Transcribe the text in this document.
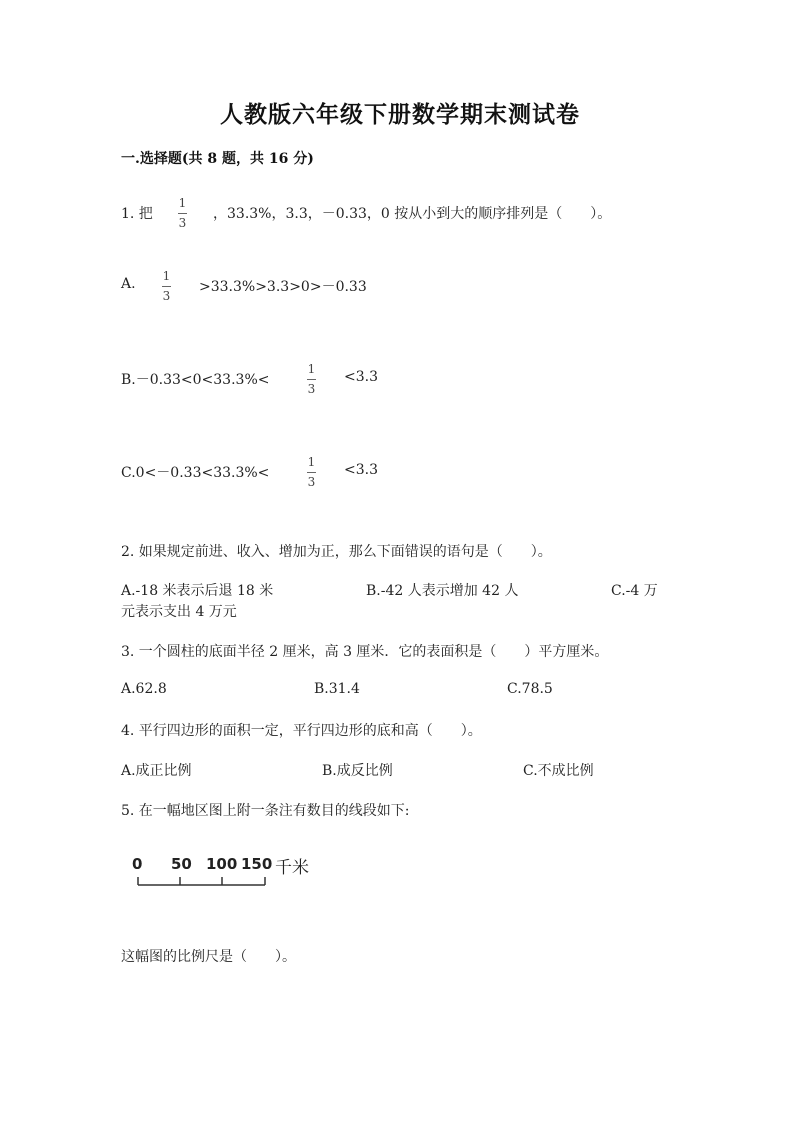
人教版六年级下册数学期末测试卷
一.选择题(共 8 题，共 16 分)
1. 把
1
3
，33.3%，3.3，－0.33，0 按从小到大的顺序排列是（　　）。
A. 1
3
>33.3%>3.3>0>－0.33
B.－0.33<0<33.3%<
1
3
<3.3
C.0<－0.33<33.3%<
1
3
<3.3
2. 如果规定前进、收入、增加为正，那么下面错误的语句是（　　）。
A.-18 米表示后退 18 米	B.-42 人表示增加 42 人	C.-4 万
元表示支出 4 万元
3. 一个圆柱的底面半径 2 厘米，高 3 厘米．它的表面积是（　　）平方厘米。
A.62.8	B.31.4	C.78.5
4. 平行四边形的面积一定，平行四边形的底和高（　　）。
A.成正比例	B.成反比例	C.不成比例
5. 在一幅地区图上附一条注有数目的线段如下:
0 50 100 150 千米
这幅图的比例尺是（　　）。
